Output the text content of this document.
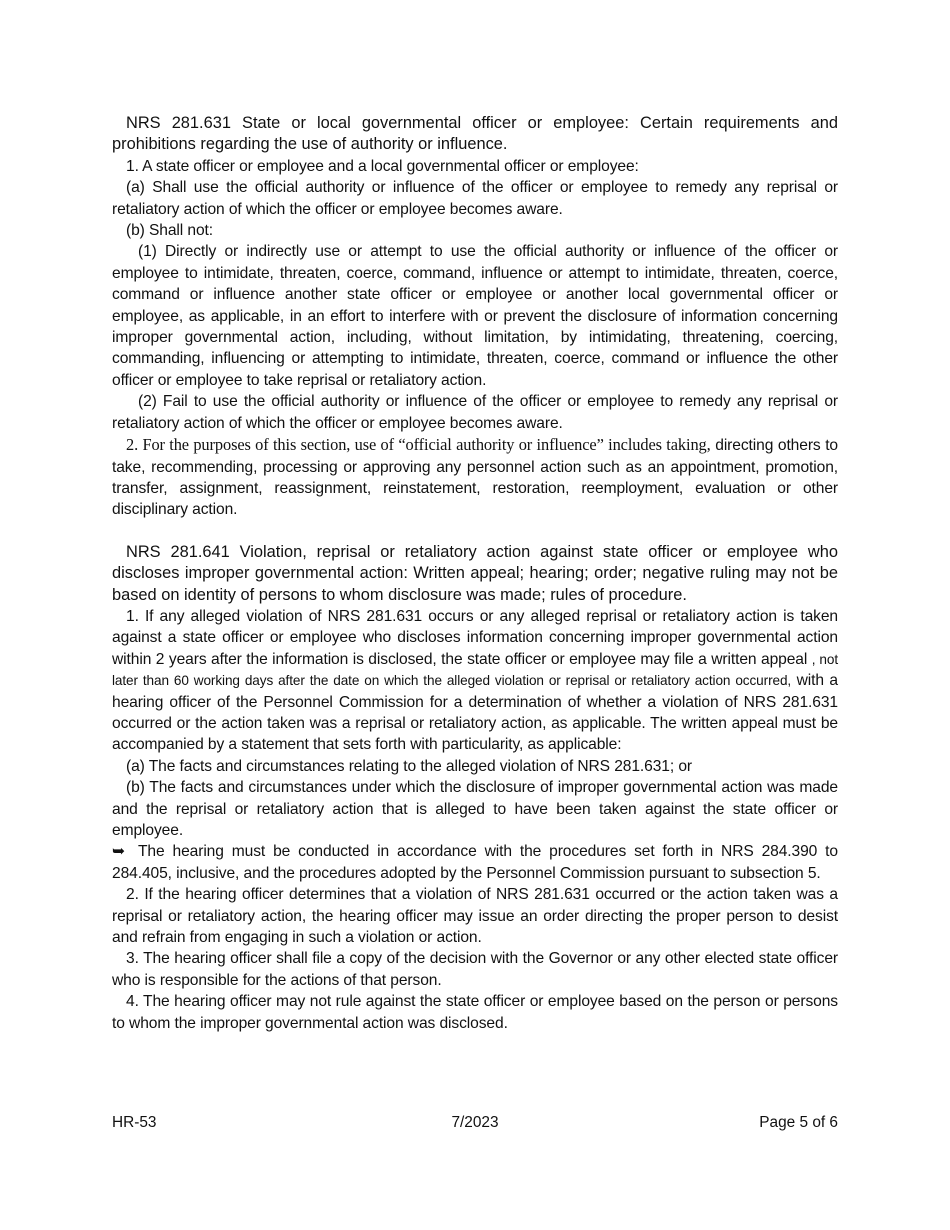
NRS 281.631 State or local governmental officer or employee: Certain requirements and prohibitions regarding the use of authority or influence.

1. A state officer or employee and a local governmental officer or employee:

(a) Shall use the official authority or influence of the officer or employee to remedy any reprisal or retaliatory action of which the officer or employee becomes aware.

(b) Shall not:

(1) Directly or indirectly use or attempt to use the official authority or influence of the officer or employee to intimidate, threaten, coerce, command, influence or attempt to intimidate, threaten, coerce, command or influence another state officer or employee or another local governmental officer or employee, as applicable, in an effort to interfere with or prevent the disclosure of information concerning improper governmental action, including, without limitation, by intimidating, threatening, coercing, commanding, influencing or attempting to intimidate, threaten, coerce, command or influence the other officer or employee to take reprisal or retaliatory action.

(2) Fail to use the official authority or influence of the officer or employee to remedy any reprisal or retaliatory action of which the officer or employee becomes aware.

2. For the purposes of this section, use of “official authority or influence” includes taking, directing others to take, recommending, processing or approving any personnel action such as an appointment, promotion, transfer, assignment, reassignment, reinstatement, restoration, reemployment, evaluation or other disciplinary action.

NRS 281.641 Violation, reprisal or retaliatory action against state officer or employee who discloses improper governmental action: Written appeal; hearing; order; negative ruling may not be based on identity of persons to whom disclosure was made; rules of procedure.

1. If any alleged violation of NRS 281.631 occurs or any alleged reprisal or retaliatory action is taken against a state officer or employee who discloses information concerning improper governmental action within 2 years after the information is disclosed, the state officer or employee may file a written appeal , not later than 60 working days after the date on which the alleged violation or reprisal or retaliatory action occurred, with a hearing officer of the Personnel Commission for a determination of whether a violation of NRS 281.631 occurred or the action taken was a reprisal or retaliatory action, as applicable. The written appeal must be accompanied by a statement that sets forth with particularity, as applicable:

(a) The facts and circumstances relating to the alleged violation of NRS 281.631; or

(b) The facts and circumstances under which the disclosure of improper governmental action was made and the reprisal or retaliatory action that is alleged to have been taken against the state officer or employee.

➥ The hearing must be conducted in accordance with the procedures set forth in NRS 284.390 to 284.405, inclusive, and the procedures adopted by the Personnel Commission pursuant to subsection 5.

2. If the hearing officer determines that a violation of NRS 281.631 occurred or the action taken was a reprisal or retaliatory action, the hearing officer may issue an order directing the proper person to desist and refrain from engaging in such a violation or action.

3. The hearing officer shall file a copy of the decision with the Governor or any other elected state officer who is responsible for the actions of that person.

4. The hearing officer may not rule against the state officer or employee based on the person or persons to whom the improper governmental action was disclosed.

HR-53	7/2023	Page 5 of 6
